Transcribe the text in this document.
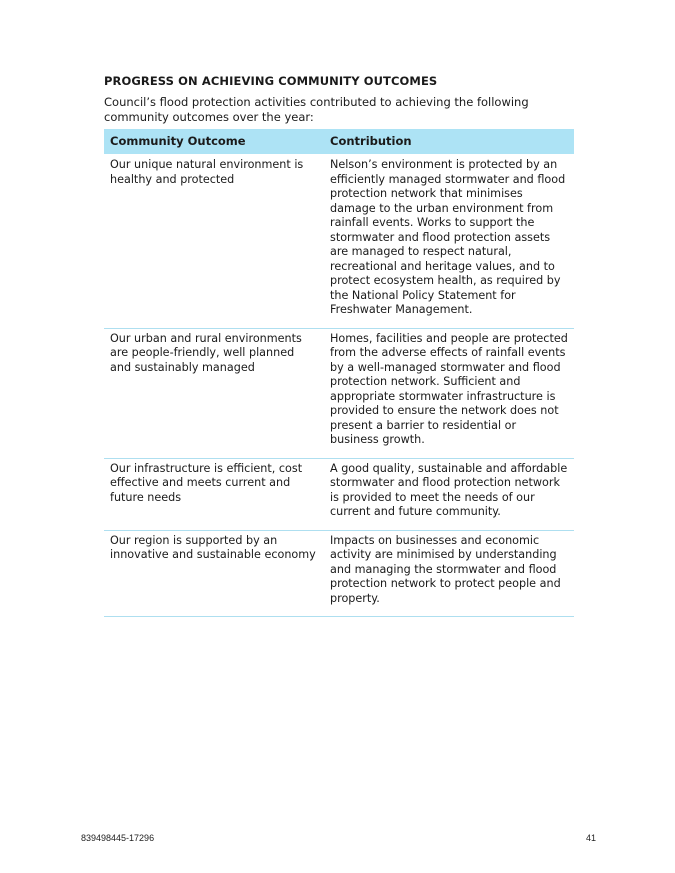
PROGRESS ON ACHIEVING COMMUNITY OUTCOMES

Council’s flood protection activities contributed to achieving the following community outcomes over the year:

Community Outcome	Contribution
Our unique natural environment is healthy and protected	Nelson’s environment is protected by an efficiently managed stormwater and flood protection network that minimises damage to the urban environment from rainfall events. Works to support the stormwater and flood protection assets are managed to respect natural, recreational and heritage values, and to protect ecosystem health, as required by the National Policy Statement for Freshwater Management.
Our urban and rural environments are people-friendly, well planned and sustainably managed	Homes, facilities and people are protected from the adverse effects of rainfall events by a well-managed stormwater and flood protection network. Sufficient and appropriate stormwater infrastructure is provided to ensure the network does not present a barrier to residential or business growth.
Our infrastructure is efficient, cost effective and meets current and future needs	A good quality, sustainable and affordable stormwater and flood protection network is provided to meet the needs of our current and future community.
Our region is supported by an innovative and sustainable economy	Impacts on businesses and economic activity are minimised by understanding and managing the stormwater and flood protection network to protect people and property.
839498445-17296	41
